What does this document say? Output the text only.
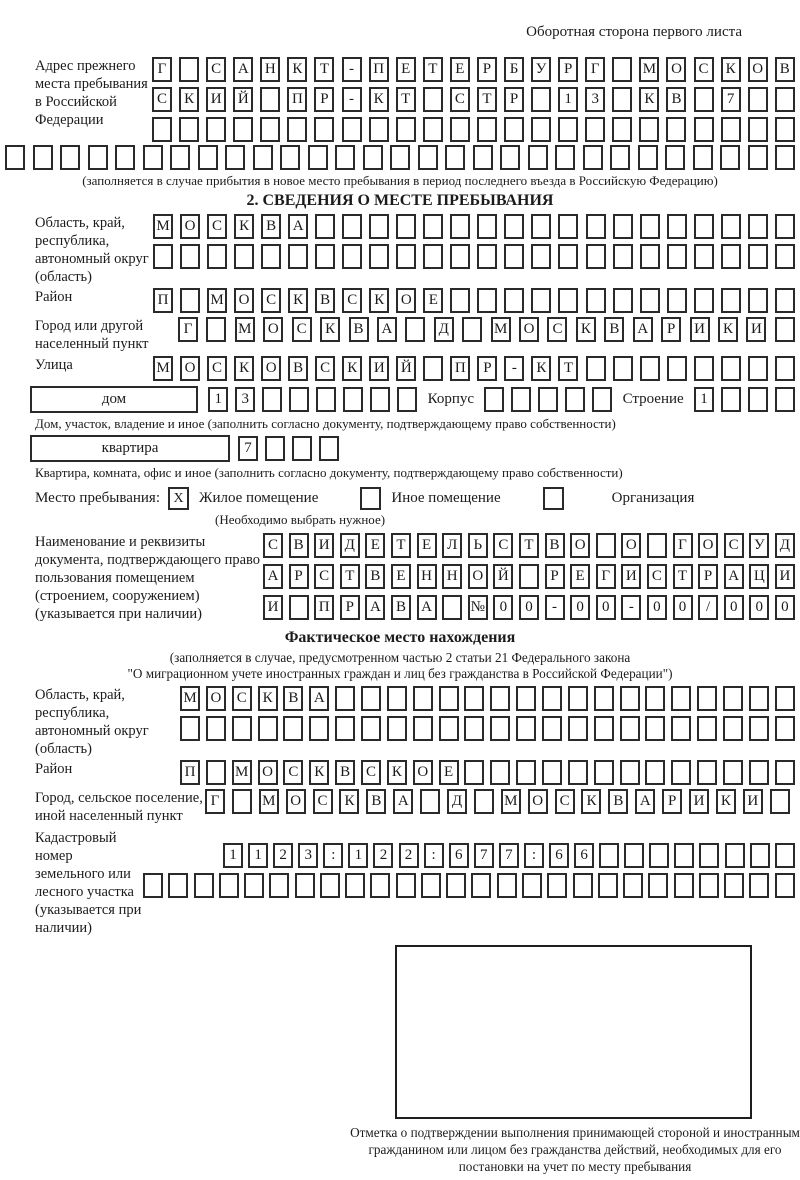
Оборотная сторона первого листа
Адрес прежнего места пребывания в Российской Федерации
Г	С	А	Н	К	Т	-	П	Е	Т	Е	Р	Б	У	Р	Г	М О	С	К	О	В
С	К	И	Й	П	Р	-	К	Т	С	Т	Р	1	3	К	В	7
(заполняется в случае прибытия в новое место пребывания в период последнего въезда в Российскую Федерацию)
2. СВЕДЕНИЯ О МЕСТЕ ПРЕБЫВАНИЯ
Область, край, республика, автономный округ (область)
М О	С	К	В	А
Район	П	М О	С	К	В	С	К	О	Е
Город или другой населенный пункт
Г	М	О	С	К	В	А	Д	М	О	С	К	В	А	Р	И	К	И
Улица	М О	С	К	О	В	С	К	И	Й	П	Р	-	К	Т
дом	1	3	Корпус	Строение	1
Дом, участок, владение и иное (заполнить согласно документу, подтверждающему право собственности)
квартира	7
Квартира, комната, офис и иное (заполнить согласно документу, подтверждающему право собственности)
Место пребывания: X	Жилое помещение	Иное помещение	Организация
(Необходимо выбрать нужное)
Наименование и реквизиты документа, подтверждающего право пользования помещением (строением, сооружением) (указывается при наличии)
С	В	И	Д	Е	Т	Е	Л	Ь	С	Т	В	О	О	Г	О	С	У	Д
А	Р	С	Т	В	Е	Н Н О Й	Р	Е	Г	И	С	Т	Р	А Ц И
И	П	Р	А	В	А	№ 0	0	-	0	0	-	0	0	/	0	0	0
Фактическое место нахождения
(заполняется в случае, предусмотренном частью 2 статьи 21 Федерального закона
"О миграционном учете иностранных граждан и лиц без гражданства в Российской Федерации")
Область, край, республика, автономный округ (область)
М О	С	К	В	А
Район	П	М О	С	К	В	С	К	О	Е
Город, сельское поселение, иной населенный пункт
Г	М О	С	К	В	А	Д	М О	С	К	В	А	Р	И	К	И
Кадастровый номер земельного или лесного участка (указывается при наличии)
1	1	2	3	:	1	2	2	:	6	7	7	:	6	6
Отметка о подтверждении выполнения принимающей стороной и иностранным гражданином или лицом без гражданства действий, необходимых для его постановки на учет по месту пребывания
